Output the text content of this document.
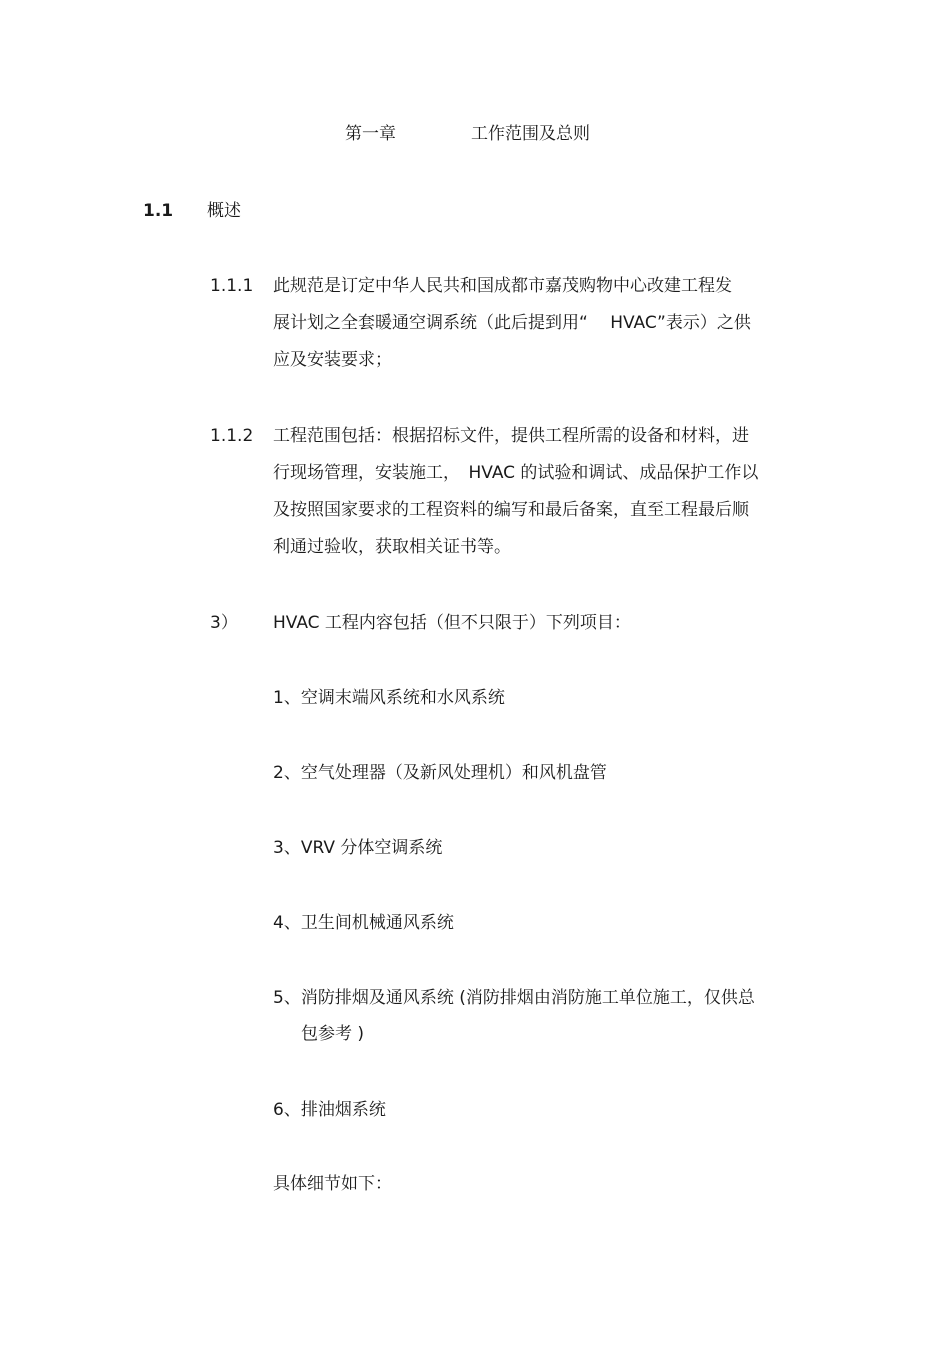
第一章	工作范围及总则
1.1 概述
1.1.1 此规范是订定中华人民共和国成都市嘉茂购物中心改建工程发
展计划之全套暖通空调系统（此后提到用“　 HVAC”表示）之供
应及安装要求；
1.1.2 工程范围包括：根据招标文件，提供工程所需的设备和材料，进
行现场管理，安装施工，　HVAC 的试验和调试、成品保护工作以
及按照国家要求的工程资料的编写和最后备案，直至工程最后顺
利通过验收，获取相关证书等。
3） HVAC 工程内容包括（但不只限于）下列项目：
1、空调末端风系统和水风系统
2、空气处理器（及新风处理机）和风机盘管
3、VRV 分体空调系统
4、卫生间机械通风系统
5、消防排烟及通风系统 (消防排烟由消防施工单位施工，仅供总
包参考 )
6、排油烟系统
具体细节如下：
